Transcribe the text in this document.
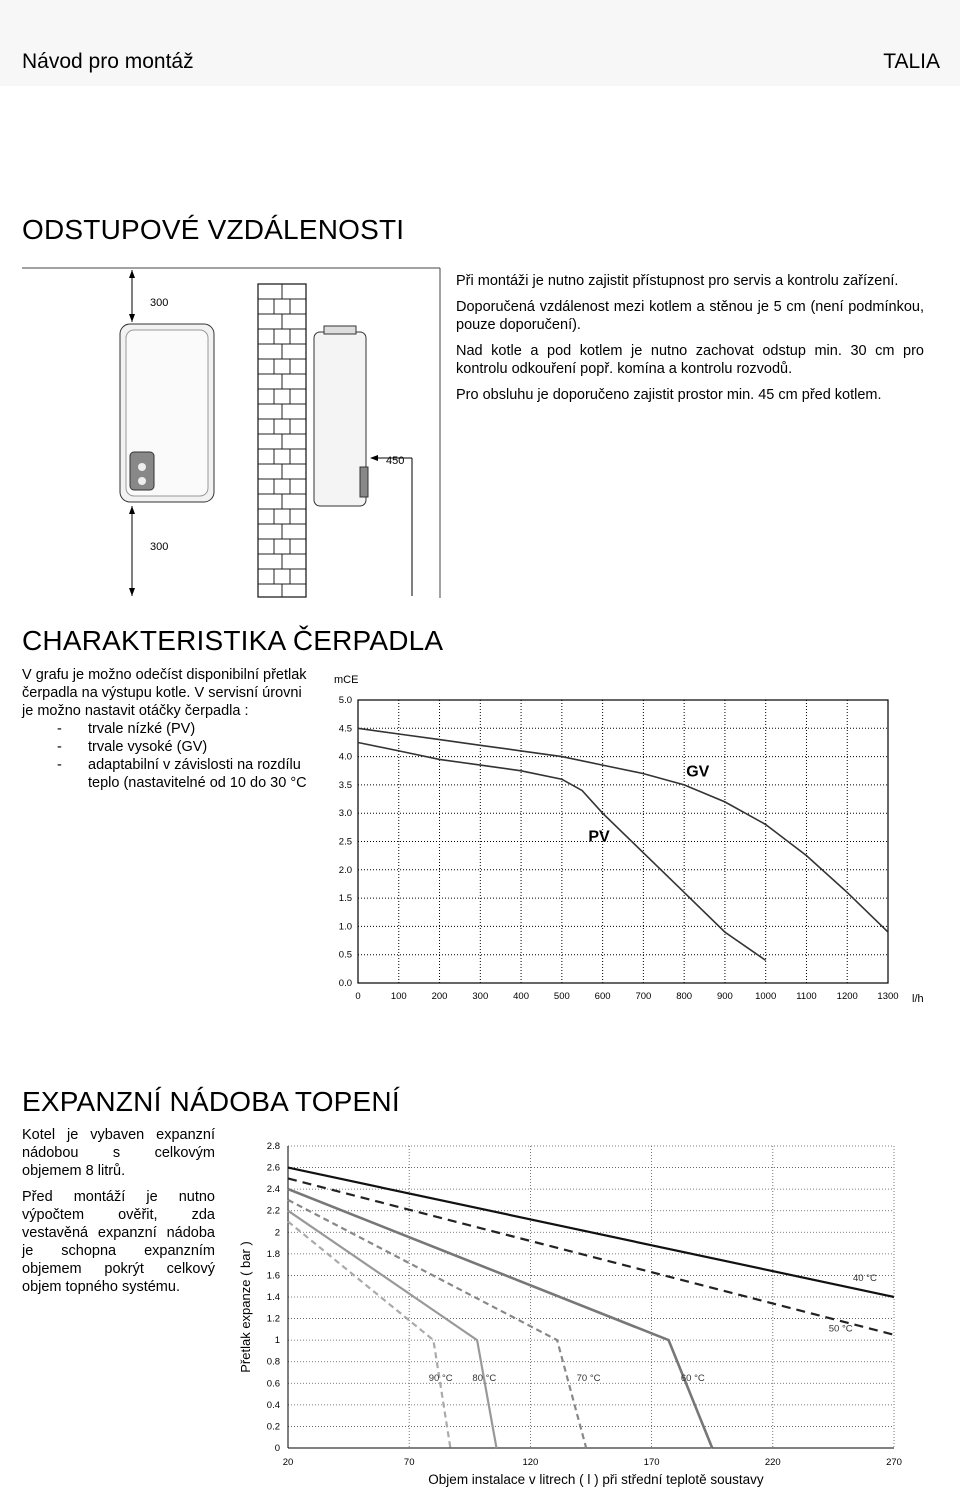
Návod pro montáž	TALIA
ODSTUPOVÉ VZDÁLENOSTI
300
300
450

Při montáži je nutno zajistit přístupnost pro servis a kontrolu zařízení.

Doporučená vzdálenost mezi kotlem a stěnou je 5 cm (není podmínkou, pouze doporučení).

Nad kotle a pod kotlem je nutno zachovat odstup min. 30 cm pro kontrolu odkouření popř. komína a kontrolu rozvodů.

Pro obsluhu je doporučeno zajistit prostor min. 45 cm před kotlem.

CHARAKTERISTIKA ČERPADLA

V grafu je možno odečíst disponibilní přetlak čerpadla na výstupu kotle. V servisní úrovni je možno nastavit otáčky čerpadla :

- trvale nízké (PV)
- trvale vysoké (GV)
- adaptabilní v závislosti na rozdílu teplo (nastavitelné od 10 do 30 °C
0	100	200	300	400	500	600	700	800	900 1000 1100 1200 1300
0.0
0.5
1.0
1.5
2.0
2.5
3.0
3.5
4.0
4.5
5.0
mCE
l/h
GV
PV
EXPANZNÍ NÁDOBA TOPENÍ

Kotel je vybaven expanzní nádobou s celkovým objemem 8 litrů.

Před montáží je nutno výpočtem ověřit, zda vestavěná expanzní nádoba je schopna expanzním objemem pokrýt celkový objem topného systému.

20	70	120	170	220	270
0
0.2
0.4
0.6
0.8
1
1.2
1.4
1.6
1.8
2
2.2
2.4
2.6
2.8
Přetlak expanze ( bar )
Objem instalace v litrech ( l ) při střední teplotě soustavy
40 °C
50 °C
60 °C
70 °C
80 °C
90 °C
